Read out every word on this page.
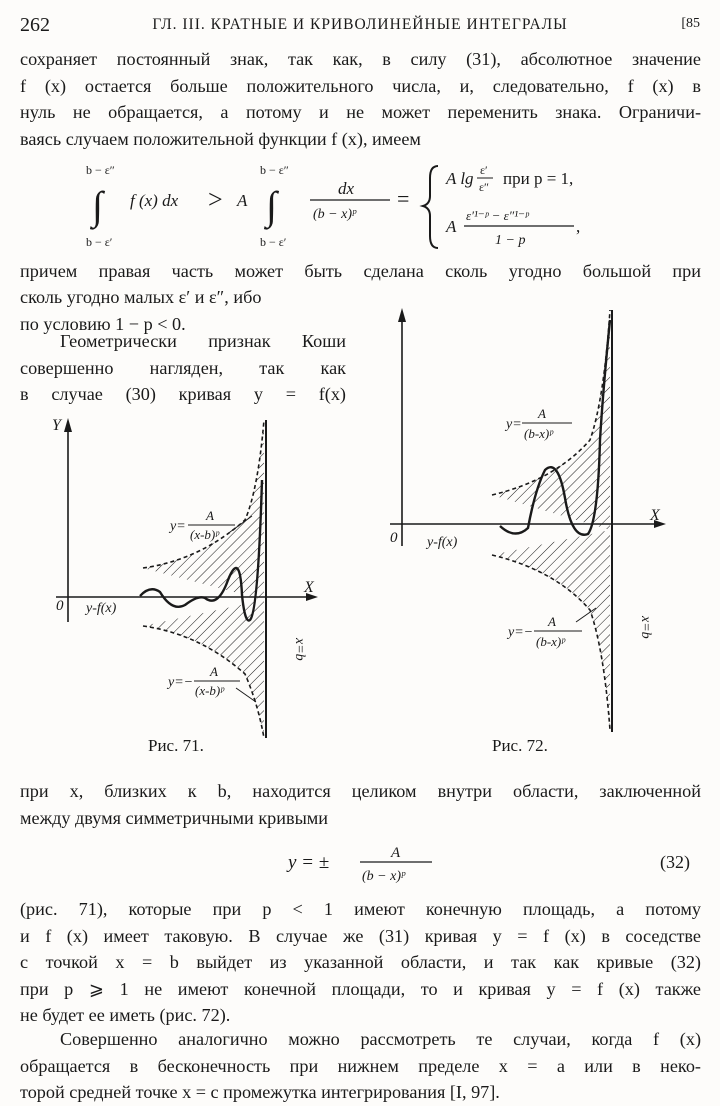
262	ГЛ. III. КРАТНЫЕ И КРИВОЛИНЕЙНЫЕ ИНТЕГРАЛЫ	[85
сохраняет постоянный знак, так как, в силу (31), абсолютное значение
f (x) остается больше положительного числа, и, следовательно, f (x) в
нуль не обращается, а потому и не может переменить знака. Ограничи-
ваясь случаем положительной функции f (x), имеем
b − ε″
∫
b − ε′
f (x) dx > A
b − ε″
∫
b − ε′
dx
(b − x)ᵖ
=
A lg ε′
ε″ при p = 1,
A
ε′¹⁻ᵖ − ε″¹⁻ᵖ
1 − p
,
причем правая часть может быть сделана сколь угодно большой при
сколь угодно малых ε′ и ε″, ибо
по условию 1 − p < 0.
Геометрически признак Коши
совершенно нагляден, так как
в случае (30) кривая y = f(x)
Y
X
0 y-f(x)
y=
A
(x-b)ᵖ
y=−
A
(x-b)ᵖ
x=b
Рис. 71.
X
0 y-f(x)
y=
A
(b-x)ᵖ
y=−
A
(b-x)ᵖ
x=b
Рис. 72.
при x, близких к b, находится целиком внутри области, заключенной
между двумя симметричными кривыми
y = ±	A
(b − x)ᵖ
(32)
(рис. 71), которые при p < 1 имеют конечную площадь, а потому
и f (x) имеет таковую. В случае же (31) кривая y = f (x) в соседстве
с точкой x = b выйдет из указанной области, и так как кривые (32)
при p ⩾ 1 не имеют конечной площади, то и кривая y = f (x) также
не будет ее иметь (рис. 72).
Совершенно аналогично можно рассмотреть те случаи, когда f (x)
обращается в бесконечность при нижнем пределе x = a или в неко-
торой средней точке x = c промежутка интегрирования [I, 97].
